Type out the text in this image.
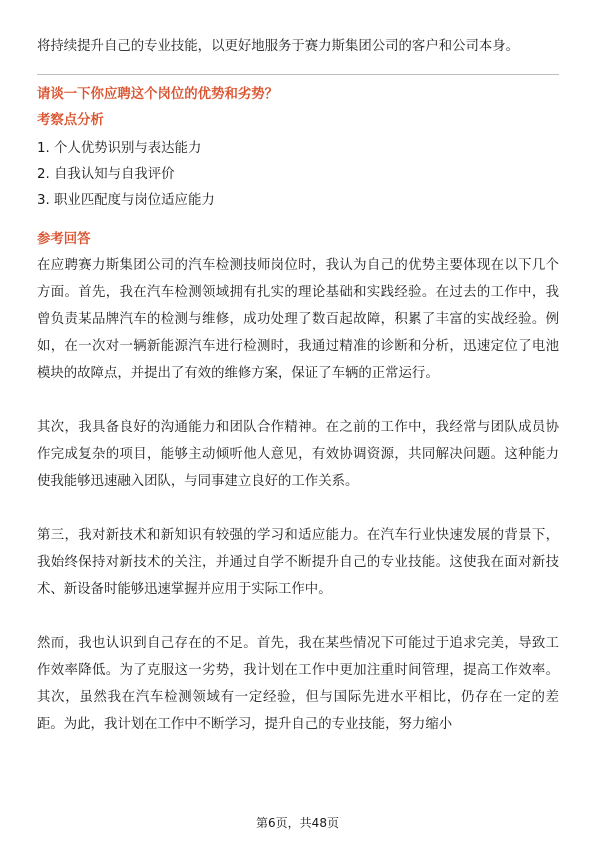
将持续提升自己的专业技能，以更好地服务于赛力斯集团公司的客户和公司本身。

请谈一下你应聘这个岗位的优势和劣势？
考察点分析
1. 个人优势识别与表达能力
2. 自我认知与自我评价
3. 职业匹配度与岗位适应能力
参考回答

在应聘赛力斯集团公司的汽车检测技师岗位时，我认为自己的优势主要体现在以下几个方面。首先，我在汽车检测领域拥有扎实的理论基础和实践经验。在过去的工作中，我曾负责某品牌汽车的检测与维修，成功处理了数百起故障，积累了丰富的实战经验。例如，在一次对一辆新能源汽车进行检测时，我通过精准的诊断和分析，迅速定位了电池模块的故障点，并提出了有效的维修方案，保证了车辆的正常运行。

其次，我具备良好的沟通能力和团队合作精神。在之前的工作中，我经常与团队成员协作完成复杂的项目，能够主动倾听他人意见，有效协调资源，共同解决问题。这种能力使我能够迅速融入团队，与同事建立良好的工作关系。

第三，我对新技术和新知识有较强的学习和适应能力。在汽车行业快速发展的背景下，我始终保持对新技术的关注，并通过自学不断提升自己的专业技能。这使我在面对新技术、新设备时能够迅速掌握并应用于实际工作中。

然而，我也认识到自己存在的不足。首先，我在某些情况下可能过于追求完美，导致工作效率降低。为了克服这一劣势，我计划在工作中更加注重时间管理，提高工作效率。其次，虽然我在汽车检测领域有一定经验，但与国际先进水平相比，仍存在一定的差距。为此，我计划在工作中不断学习，提升自己的专业技能，努力缩小

第6页，共48页
